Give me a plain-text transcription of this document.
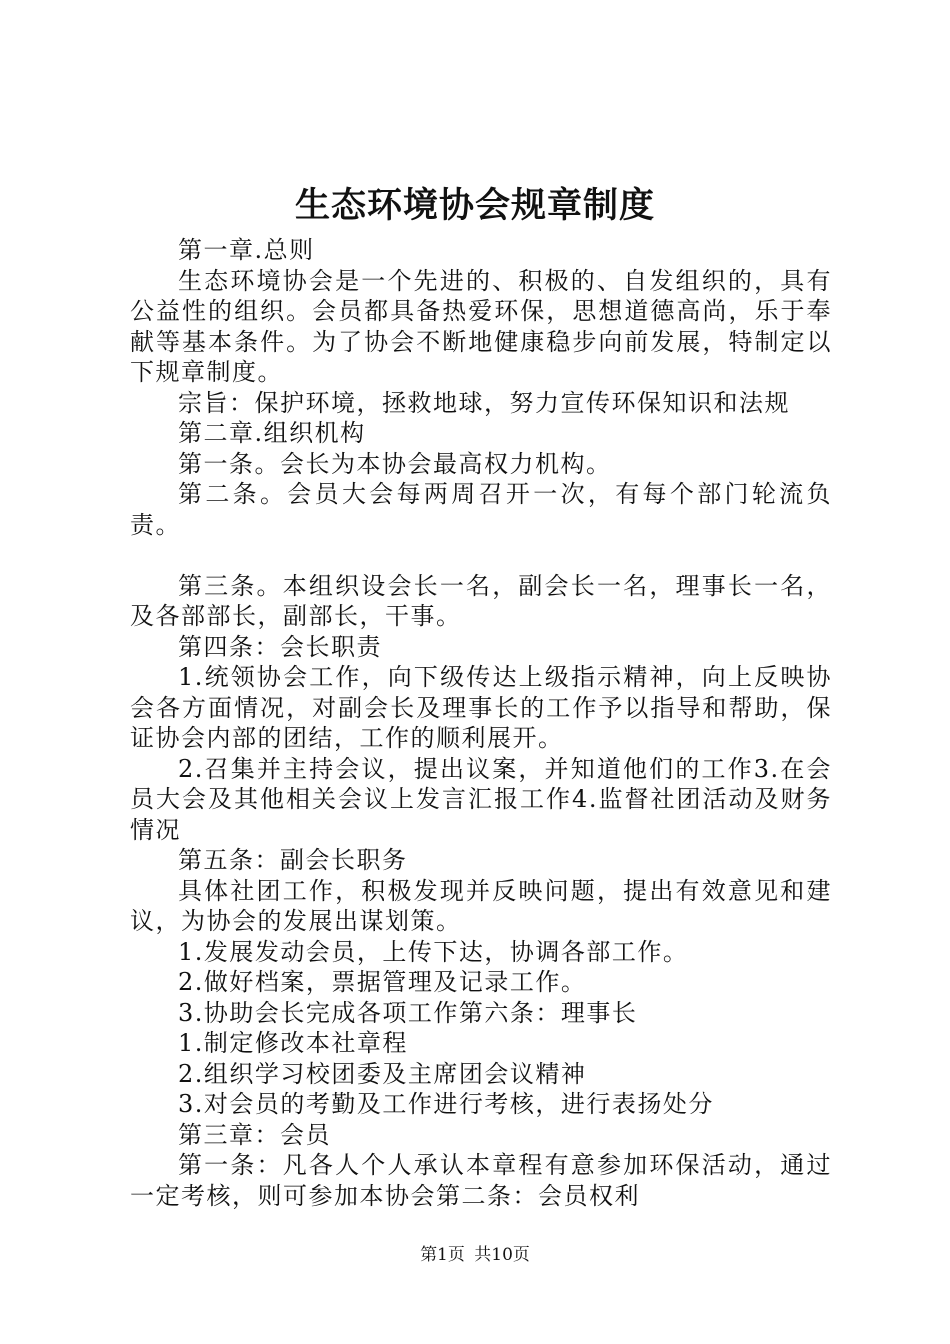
生态环境协会规章制度

第一章.总则

生态环境协会是一个先进的、积极的、自发组织的，具有公益性的组织。会员都具备热爱环保，思想道德高尚，乐于奉献等基本条件。为了协会不断地健康稳步向前发展，特制定以下规章制度。

宗旨：保护环境，拯救地球，努力宣传环保知识和法规

第二章.组织机构

第一条。会长为本协会最高权力机构。

第二条。会员大会每两周召开一次，有每个部门轮流负责。

第三条。本组织设会长一名，副会长一名，理事长一名，及各部部长，副部长，干事。

第四条：会长职责

1.统领协会工作，向下级传达上级指示精神，向上反映协会各方面情况，对副会长及理事长的工作予以指导和帮助，保证协会内部的团结，工作的顺利展开。

2.召集并主持会议，提出议案，并知道他们的工作3.在会员大会及其他相关会议上发言汇报工作4.监督社团活动及财务情况

第五条：副会长职务

具体社团工作，积极发现并反映问题，提出有效意见和建议，为协会的发展出谋划策。

1.发展发动会员，上传下达，协调各部工作。

2.做好档案，票据管理及记录工作。

3.协助会长完成各项工作第六条：理事长

1.制定修改本社章程

2.组织学习校团委及主席团会议精神

3.对会员的考勤及工作进行考核，进行表扬处分

第三章：会员

第一条：凡各人个人承认本章程有意参加环保活动，通过一定考核，则可参加本协会第二条：会员权利

第1页 共10页
